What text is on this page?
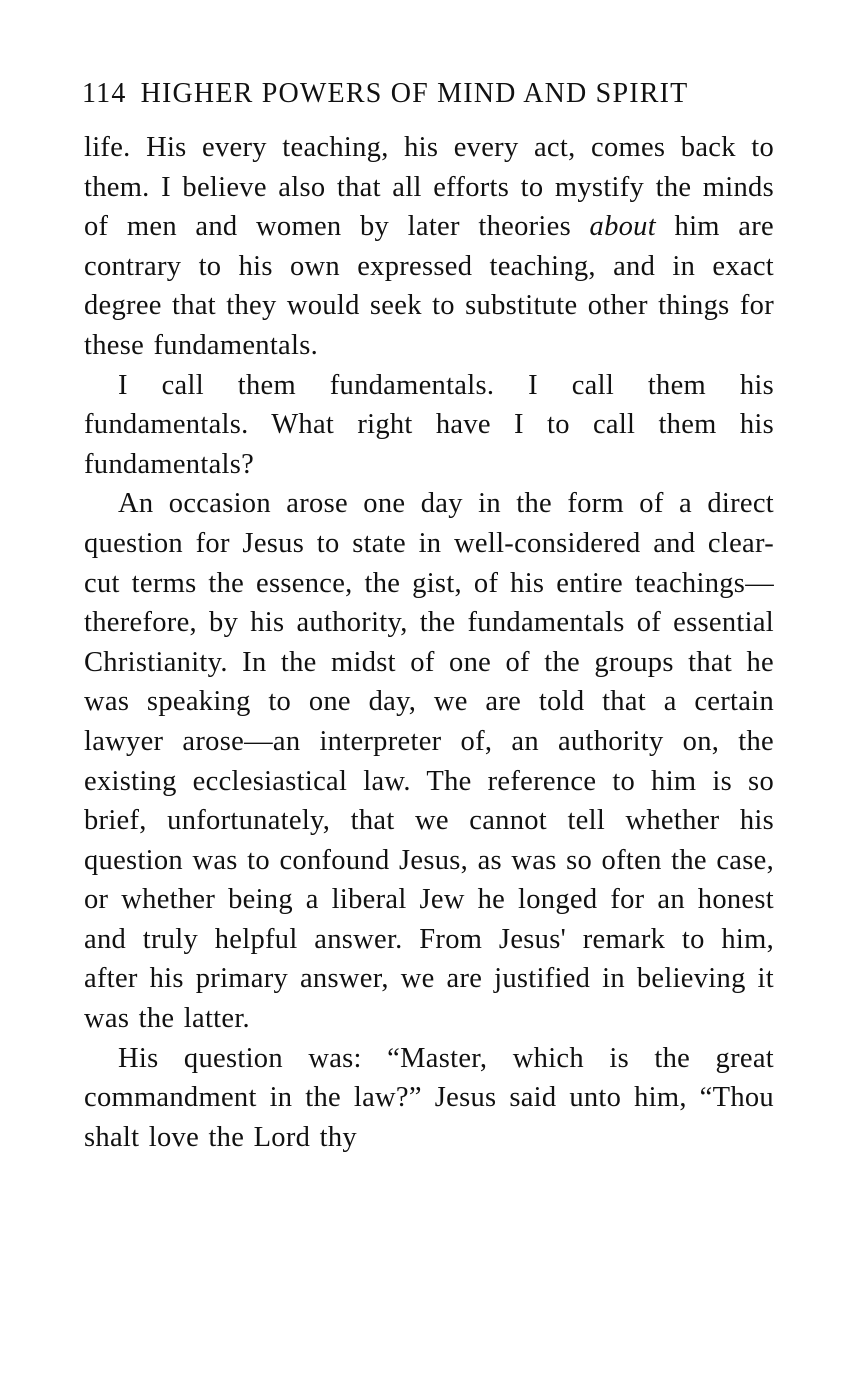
114 HIGHER POWERS OF MIND AND SPIRIT

life. His every teaching, his every act, comes back to them. I believe also that all efforts to mystify the minds of men and women by later theories about him are contrary to his own expressed teaching, and in exact degree that they would seek to substitute other things for these fundamentals.

I call them fundamentals. I call them his fundamentals. What right have I to call them his fundamentals?

An occasion arose one day in the form of a direct question for Jesus to state in well-considered and clear-cut terms the essence, the gist, of his entire teachings—therefore, by his authority, the fundamentals of essential Christianity. In the midst of one of the groups that he was speaking to one day, we are told that a certain lawyer arose—an interpreter of, an authority on, the existing ecclesiastical law. The reference to him is so brief, unfortunately, that we cannot tell whether his question was to confound Jesus, as was so often the case, or whether being a liberal Jew he longed for an honest and truly helpful answer. From Jesus' remark to him, after his primary answer, we are justified in believing it was the latter.

His question was: “Master, which is the great commandment in the law?” Jesus said unto him, “Thou shalt love the Lord thy
